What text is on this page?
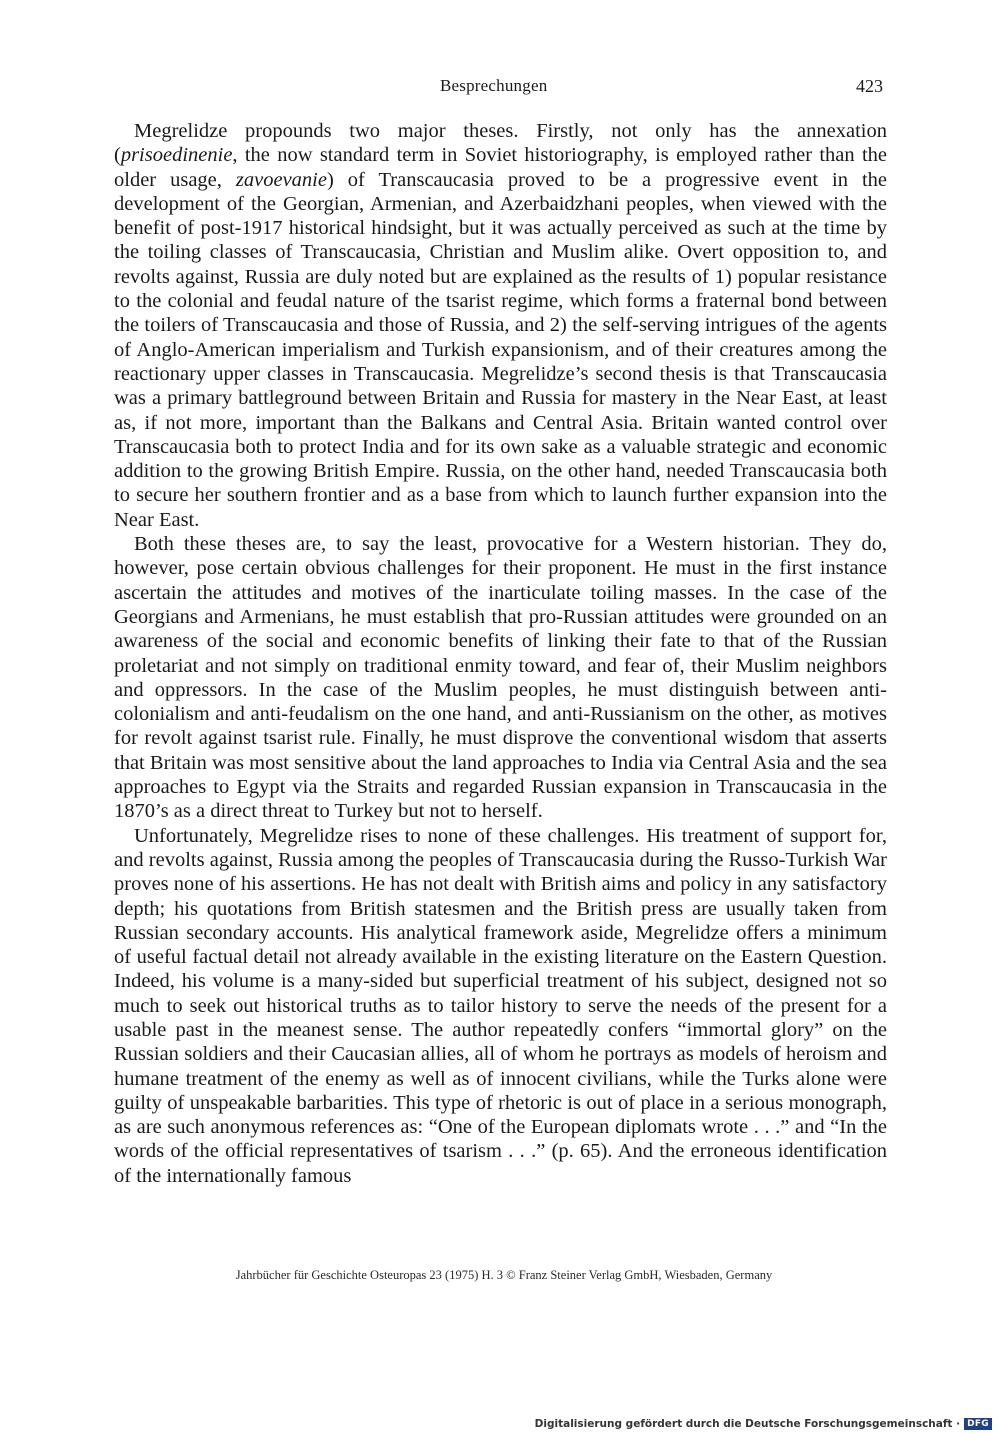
Besprechungen	423

Megrelidze propounds two major theses. Firstly, not only has the annexation (prisoedinenie, the now standard term in Soviet historiography, is employed rather than the older usage, zavoevanie) of Transcaucasia proved to be a progressive event in the development of the Georgian, Armenian, and Azerbaidzhani peoples, when viewed with the benefit of post-1917 historical hindsight, but it was actually perceived as such at the time by the toiling classes of Transcaucasia, Christian and Muslim alike. Overt opposition to, and revolts against, Russia are duly noted but are explained as the results of 1) popular resistance to the colonial and feudal nature of the tsarist regime, which forms a fraternal bond between the toilers of Transcaucasia and those of Russia, and 2) the self-serving intrigues of the agents of Anglo-American imperialism and Turkish expansionism, and of their creatures among the reactionary upper classes in Transcaucasia. Megrelidze’s second thesis is that Transcaucasia was a primary battleground between Britain and Russia for mastery in the Near East, at least as, if not more, important than the Balkans and Central Asia. Britain wanted control over Transcaucasia both to protect India and for its own sake as a valuable strategic and economic addition to the growing British Empire. Russia, on the other hand, needed Transcaucasia both to secure her southern frontier and as a base from which to launch further expansion into the Near East.

Both these theses are, to say the least, provocative for a Western historian. They do, however, pose certain obvious challenges for their proponent. He must in the first instance ascertain the attitudes and motives of the inarticulate toiling masses. In the case of the Georgians and Armenians, he must establish that pro-Russian attitudes were grounded on an awareness of the social and economic benefits of linking their fate to that of the Russian proletariat and not simply on traditional enmity toward, and fear of, their Muslim neighbors and oppressors. In the case of the Muslim peoples, he must distinguish between anti-colonialism and anti-feudalism on the one hand, and anti-Russianism on the other, as motives for revolt against tsarist rule. Finally, he must disprove the conventional wisdom that asserts that Britain was most sensitive about the land approaches to India via Central Asia and the sea approaches to Egypt via the Straits and regarded Russian expansion in Transcaucasia in the 1870’s as a direct threat to Turkey but not to herself.

Unfortunately, Megrelidze rises to none of these challenges. His treatment of support for, and revolts against, Russia among the peoples of Transcaucasia during the Russo-Turkish War proves none of his assertions. He has not dealt with British aims and policy in any satisfactory depth; his quotations from British statesmen and the British press are usually taken from Russian secondary accounts. His analytical framework aside, Megrelidze offers a minimum of useful factual detail not already available in the existing literature on the Eastern Question. Indeed, his volume is a many-sided but superficial treatment of his subject, designed not so much to seek out historical truths as to tailor history to serve the needs of the present for a usable past in the meanest sense. The author repeatedly confers “immortal glory” on the Russian soldiers and their Caucasian allies, all of whom he portrays as models of heroism and humane treatment of the enemy as well as of innocent civilians, while the Turks alone were guilty of unspeakable barbarities. This type of rhetoric is out of place in a serious monograph, as are such anonymous references as: “One of the European diplomats wrote . . .” and “In the words of the official representatives of tsarism . . .” (p. 65). And the erroneous identification of the internationally famous

Jahrbücher für Geschichte Osteuropas 23 (1975) H. 3 © Franz Steiner Verlag GmbH, Wiesbaden, Germany
Digitalisierung gefördert durch die Deutsche Forschungsgemeinschaft · DFG
